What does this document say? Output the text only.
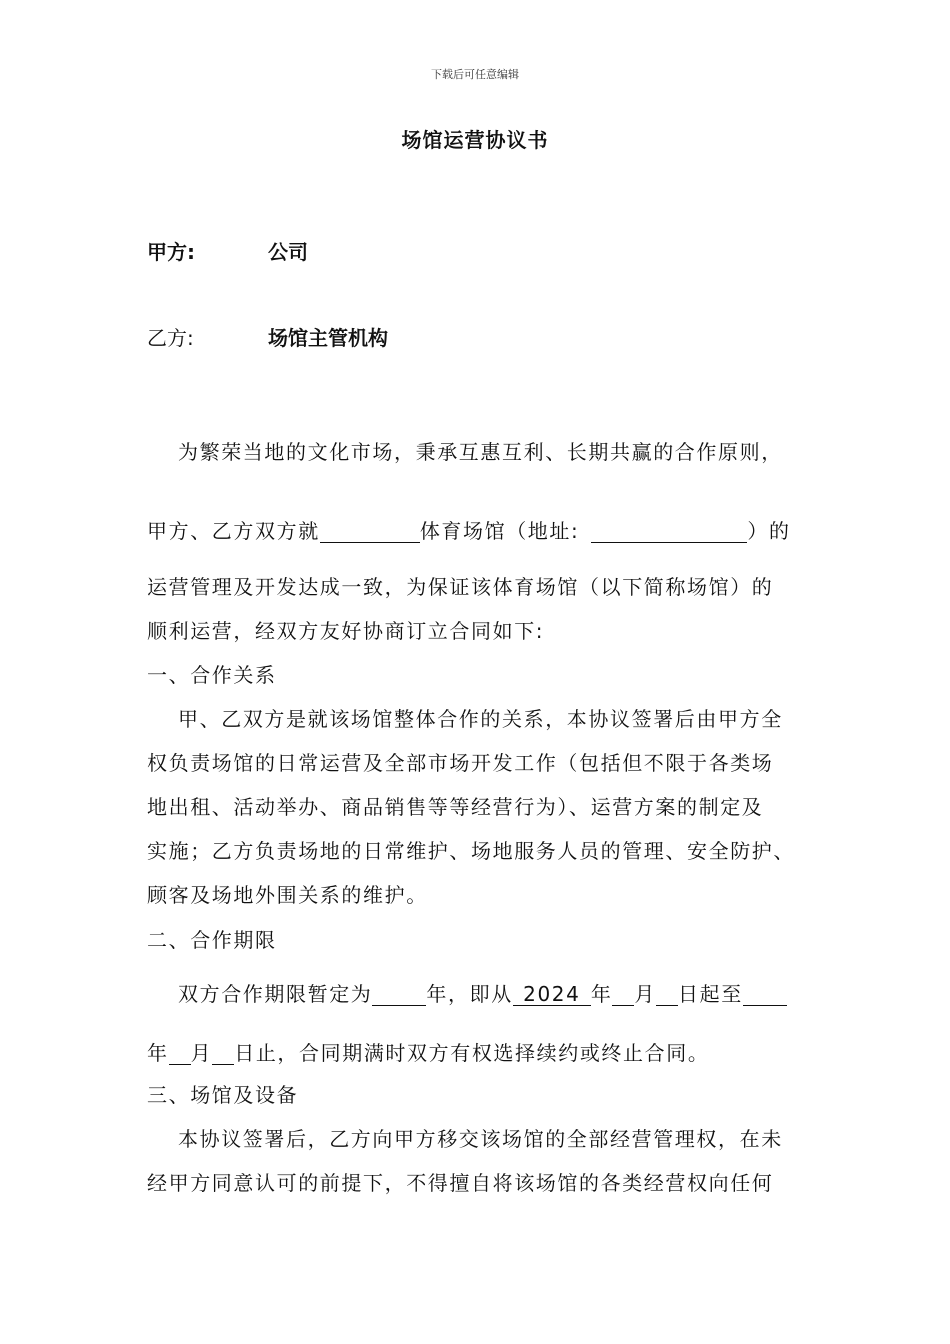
下载后可任意编辑
场馆运营协议书
甲方:	公司
乙方:	场馆主管机构
为繁荣当地的文化市场，秉承互惠互利、长期共赢的合作原则，
甲方、乙方双方就	体育场馆（地址:	）的
运营管理及开发达成一致，为保证该体育场馆（以下简称场馆）的
顺利运营，经双方友好协商订立合同如下:
一、合作关系
甲、乙双方是就该场馆整体合作的关系，本协议签署后由甲方全
权负责场馆的日常运营及全部市场开发工作（包括但不限于各类场
地出租、活动举办、商品销售等等经营行为）、运营方案的制定及
实施；乙方负责场地的日常维护、场地服务人员的管理、安全防护、
顾客及场地外围关系的维护。
二、合作期限
双方合作期限暂定为	年，即从 2024 年 月 日起至
年 月 日止，合同期满时双方有权选择续约或终止合同。
三、场馆及设备
本协议签署后，乙方向甲方移交该场馆的全部经营管理权，在未
经甲方同意认可的前提下，不得擅自将该场馆的各类经营权向任何
